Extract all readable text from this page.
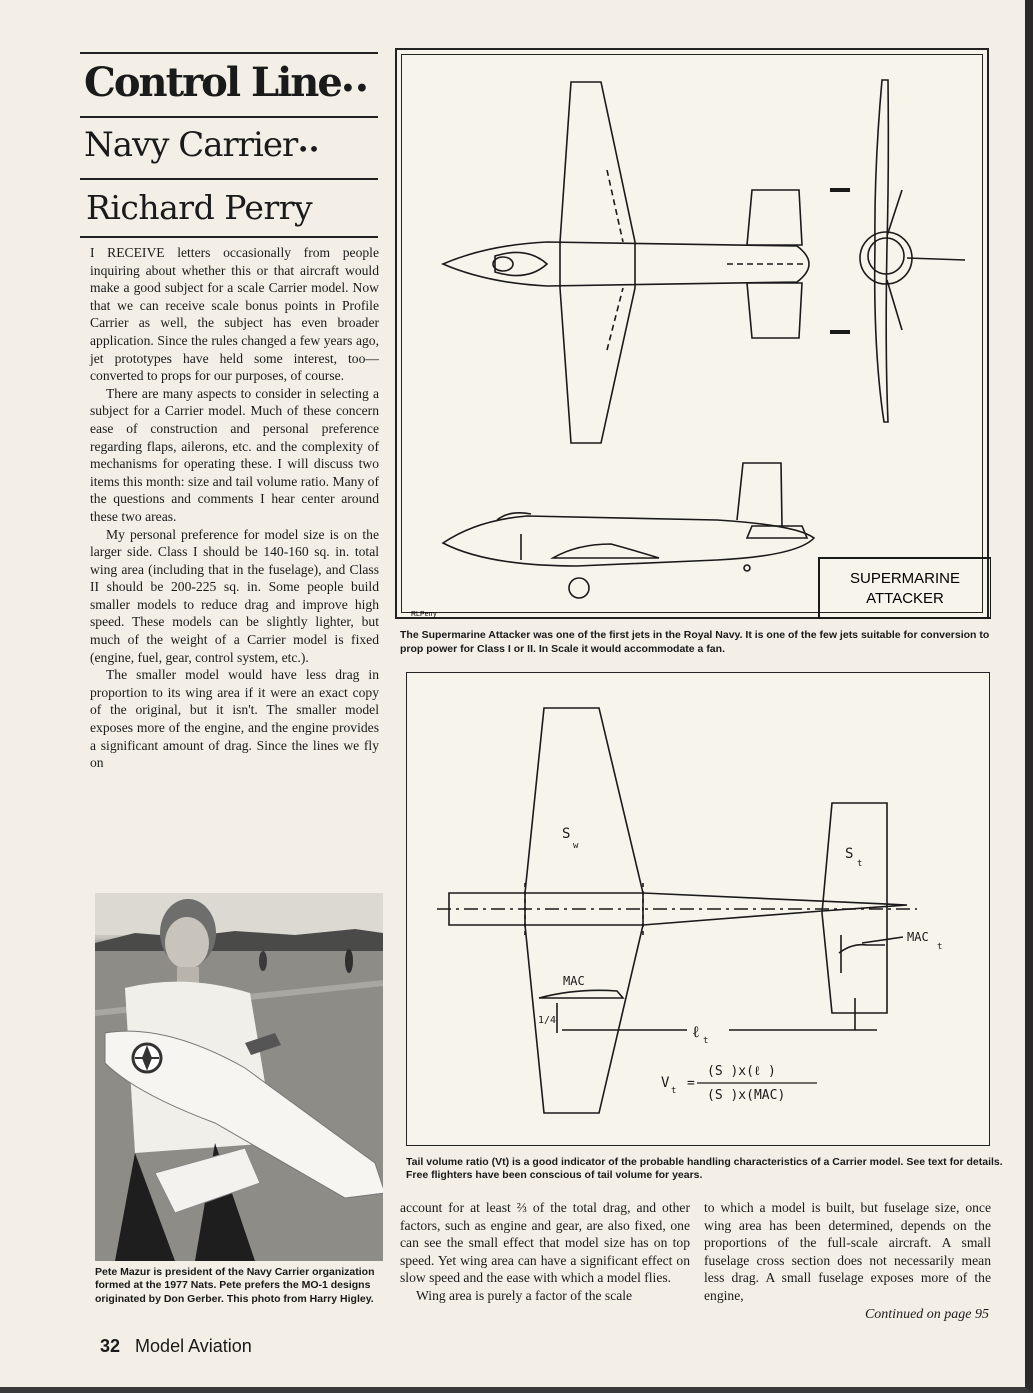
Control Line••
Navy Carrier••
Richard Perry

I RECEIVE letters occasionally from people inquiring about whether this or that aircraft would make a good subject for a scale Carrier model. Now that we can receive scale bonus points in Profile Carrier as well, the subject has even broader application. Since the rules changed a few years ago, jet prototypes have held some interest, too—converted to props for our purposes, of course.

There are many aspects to consider in selecting a subject for a Carrier model. Much of these concern ease of construction and personal preference regarding flaps, ailerons, etc. and the complexity of mechanisms for operating these. I will discuss two items this month: size and tail volume ratio. Many of the questions and comments I hear center around these two areas.

My personal preference for model size is on the larger side. Class I should be 140-160 sq. in. total wing area (including that in the fuselage), and Class II should be 200-225 sq. in. Some people build smaller models to reduce drag and improve high speed. These models can be slightly lighter, but much of the weight of a Carrier model is fixed (engine, fuel, gear, control system, etc.).

The smaller model would have less drag in proportion to its wing area if it were an exact copy of the original, but it isn't. The smaller model exposes more of the engine, and the engine provides a significant amount of drag. Since the lines we fly on

Pete Mazur is president of the Navy Carrier organization formed at the 1977 Nats. Pete prefers the MO-1 designs originated by Don Gerber. This photo from Harry Higley.
SUPERMARINE
ATTACKER
RLPerry
The Supermarine Attacker was one of the first jets in the Royal Navy. It is one of the few jets suitable for conversion to prop power for Class I or II. In Scale it would accommodate a fan.
S
w	S
t
MAC
MAC
t
1/4
ℓ t
V t =
(S )x(ℓ )
(S )x(MAC)
Tail volume ratio (Vt) is a good indicator of the probable handling characteristics of a Carrier model. See text for details. Free flighters have been conscious of tail volume for years.

account for at least ⅔ of the total drag, and other factors, such as engine and gear, are also fixed, one can see the small effect that model size has on top speed. Yet wing area can have a significant effect on slow speed and the ease with which a model flies.

Wing area is purely a factor of the scale

to which a model is built, but fuselage size, once wing area has been determined, depends on the proportions of the full-scale aircraft. A small fuselage cross section does not necessarily mean less drag. A small fuselage exposes more of the engine,

Continued on page 95
32 Model Aviation
